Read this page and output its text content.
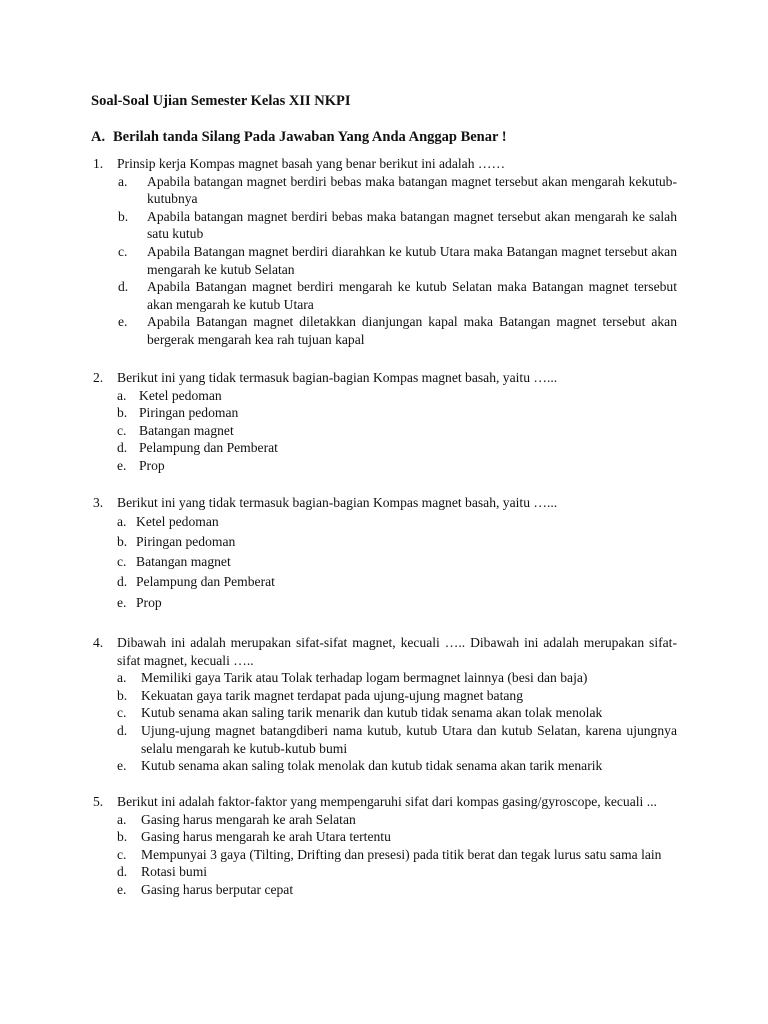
Soal-Soal Ujian Semester Kelas XII NKPI
A. Berilah tanda Silang Pada Jawaban Yang Anda Anggap Benar !
1. Prinsip kerja Kompas magnet basah yang benar berikut ini adalah ……
a. Apabila batangan magnet berdiri bebas maka batangan magnet tersebut akan mengarah kekutub-kutubnya
b. Apabila batangan magnet berdiri bebas maka batangan magnet tersebut akan mengarah ke salah satu kutub
c. Apabila Batangan magnet berdiri diarahkan ke kutub Utara maka Batangan magnet tersebut akan mengarah ke kutub Selatan
d. Apabila Batangan magnet berdiri mengarah ke kutub Selatan maka Batangan magnet tersebut akan mengarah ke kutub Utara
e. Apabila Batangan magnet diletakkan dianjungan kapal maka Batangan magnet tersebut akan bergerak mengarah kea rah tujuan kapal
2. Berikut ini yang tidak termasuk bagian-bagian Kompas magnet basah, yaitu …...
a. Ketel pedoman
b. Piringan pedoman
c. Batangan magnet
d. Pelampung dan Pemberat
e. Prop
3. Berikut ini yang tidak termasuk bagian-bagian Kompas magnet basah, yaitu …...
a. Ketel pedoman
b. Piringan pedoman
c. Batangan magnet
d. Pelampung dan Pemberat
e. Prop
4. Dibawah ini adalah merupakan sifat-sifat magnet, kecuali ….. Dibawah ini adalah merupakan sifat-sifat magnet, kecuali …..
a. Memiliki gaya Tarik atau Tolak terhadap logam bermagnet lainnya (besi dan baja)
b. Kekuatan gaya tarik magnet terdapat pada ujung-ujung magnet batang
c. Kutub senama akan saling tarik menarik dan kutub tidak senama akan tolak menolak
d. Ujung-ujung magnet batangdiberi nama kutub, kutub Utara dan kutub Selatan, karena ujungnya selalu mengarah ke kutub-kutub bumi
e. Kutub senama akan saling tolak menolak dan kutub tidak senama akan tarik menarik
5. Berikut ini adalah faktor-faktor yang mempengaruhi sifat dari kompas gasing/gyroscope, kecuali ...
a. Gasing harus mengarah ke arah Selatan
b. Gasing harus mengarah ke arah Utara tertentu
c. Mempunyai 3 gaya (Tilting, Drifting dan presesi) pada titik berat dan tegak lurus satu sama lain
d. Rotasi bumi
e. Gasing harus berputar cepat
